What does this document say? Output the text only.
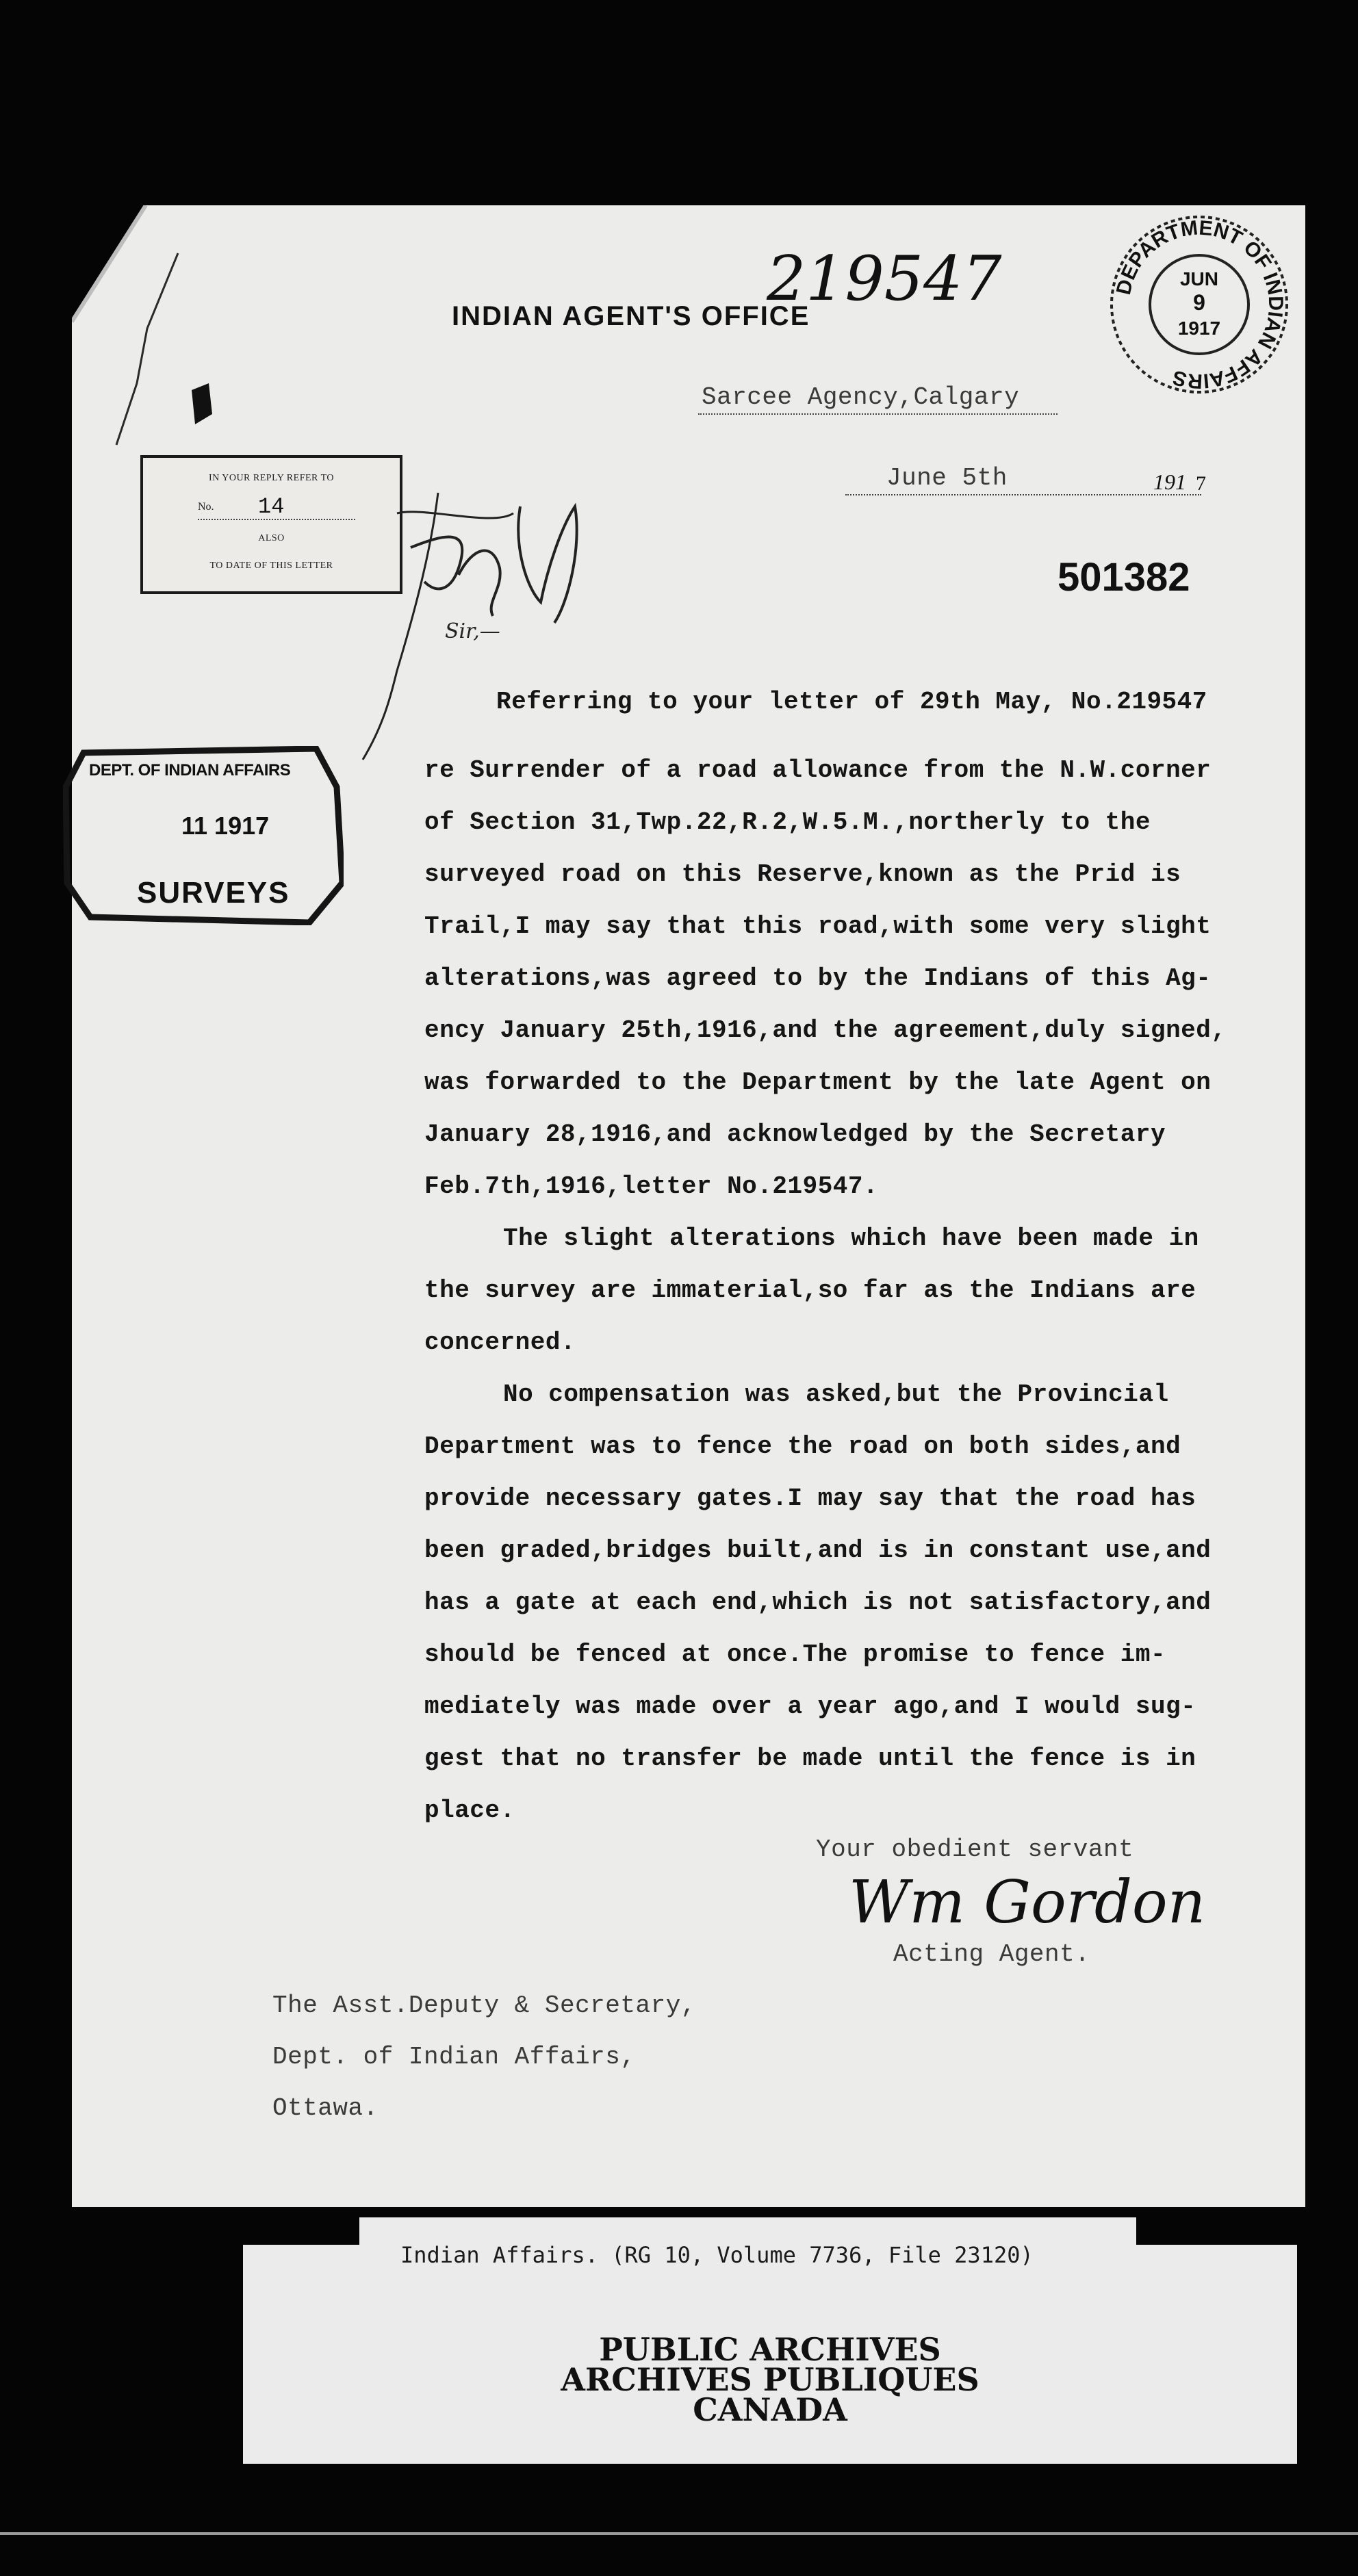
219547
INDIAN AGENT'S OFFICE
Sarcee Agency,Calgary
June 5th	191 7
IN YOUR REPLY REFER TO
No. 14
ALSO
TO DATE OF THIS LETTER	501382
DEPARTMENT OF INDIAN AFFAIRS
JUN
9
1917
Sir,—
DEPT. OF INDIAN AFFAIRS
11 1917
SURVEYS
Referring to your letter of 29th May, No.219547
re Surrender of a road allowance from the N.W.corner
of Section 31,Twp.22,R.2,W.5.M.,northerly to the
surveyed road on this Reserve,known as the Prid is
Trail,I may say that this road,with some very slight
alterations,was agreed to by the Indians of this Ag-
ency January 25th,1916,and the agreement,duly signed,
was forwarded to the Department by the late Agent on
January 28,1916,and acknowledged by the Secretary
Feb.7th,1916,letter No.219547.
The slight alterations which have been made in
the survey are immaterial,so far as the Indians are
concerned.
No compensation was asked,but the Provincial
Department was to fence the road on both sides,and
provide necessary gates.I may say that the road has
been graded,bridges built,and is in constant use,and
has a gate at each end,which is not satisfactory,and
should be fenced at once.The promise to fence im-
mediately was made over a year ago,and I would sug-
gest that no transfer be made until the fence is in
place.
Your obedient servant
Wm Gordon
Acting Agent.
The Asst.Deputy & Secretary,
Dept. of Indian Affairs,
Ottawa.
Indian Affairs. (RG 10, Volume 7736, File 23120)
PUBLIC ARCHIVES
ARCHIVES PUBLIQUES
CANADA
